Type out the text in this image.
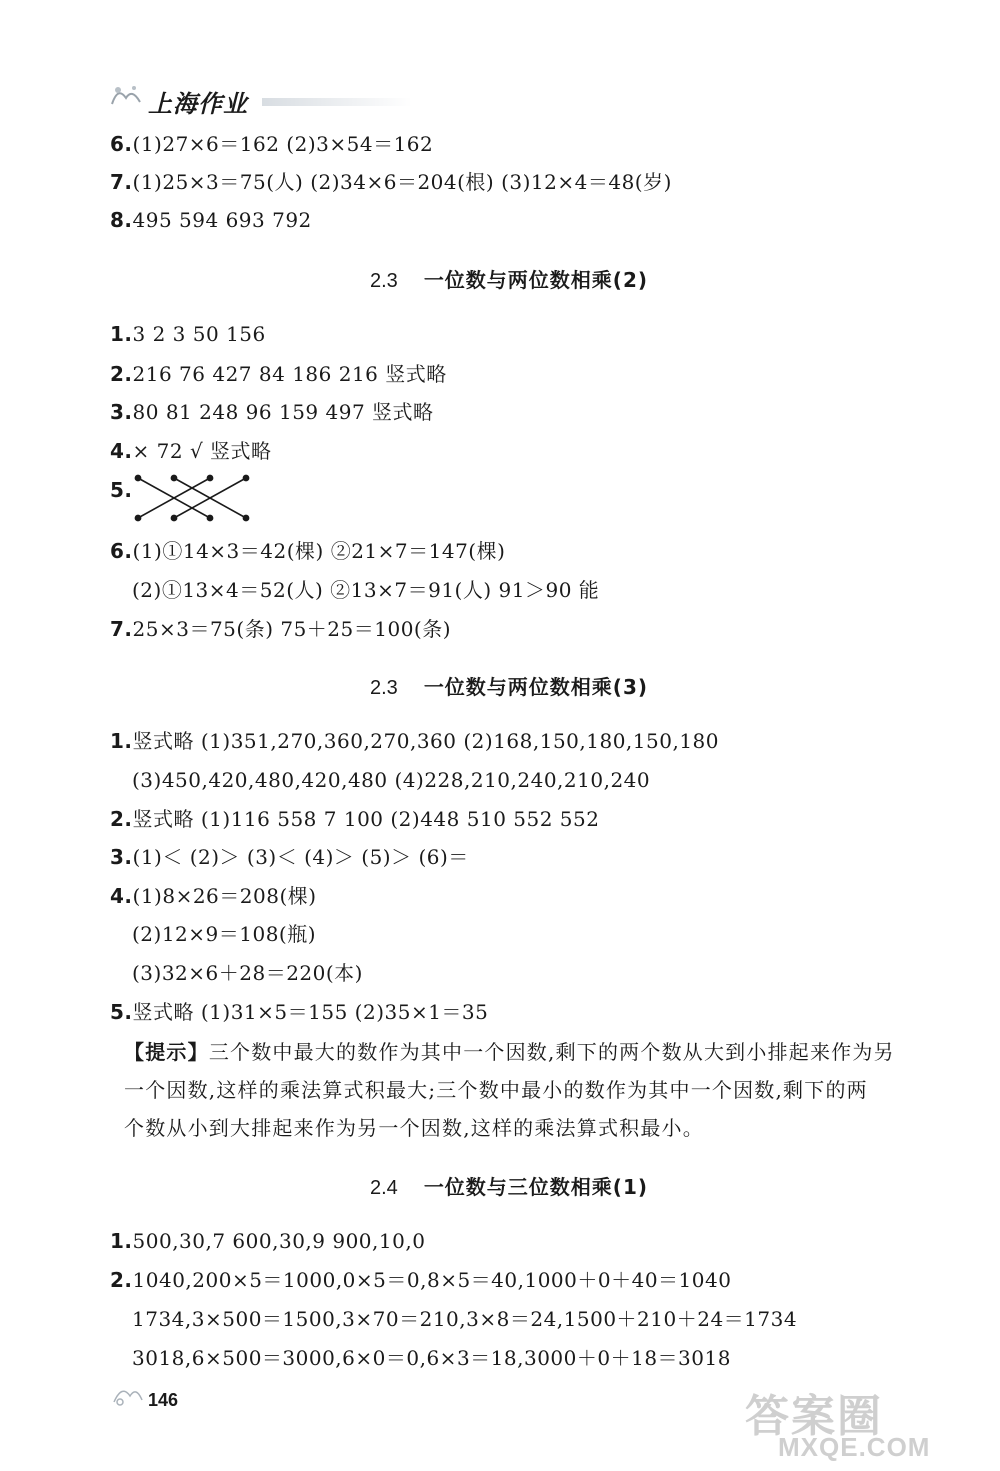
上海作业
6.(1)27×6＝162 (2)3×54＝162
7.(1)25×3＝75(人) (2)34×6＝204(根) (3)12×4＝48(岁)
8.495 594 693 792
2.3 一位数与两位数相乘(2)
1.3 2 3 50 156
2.216 76 427 84 186 216 竖式略
3.80 81 248 96 159 497 竖式略
4.× 72 √ 竖式略
5.
6.(1)①14×3＝42(棵) ②21×7＝147(棵)
(2)①13×4＝52(人) ②13×7＝91(人) 91＞90 能
7.25×3＝75(条) 75＋25＝100(条)
2.3 一位数与两位数相乘(3)
1.竖式略 (1)351,270,360,270,360 (2)168,150,180,150,180
(3)450,420,480,420,480 (4)228,210,240,210,240
2.竖式略 (1)116 558 7 100 (2)448 510 552 552
3.(1)＜ (2)＞ (3)＜ (4)＞ (5)＞ (6)＝
4.(1)8×26＝208(棵)
(2)12×9＝108(瓶)
(3)32×6＋28＝220(本)
5.竖式略 (1)31×5＝155 (2)35×1＝35
【提示】三个数中最大的数作为其中一个因数,剩下的两个数从大到小排起来作为另
一个因数,这样的乘法算式积最大;三个数中最小的数作为其中一个因数,剩下的两
个数从小到大排起来作为另一个因数,这样的乘法算式积最小。
2.4 一位数与三位数相乘(1)
1.500,30,7 600,30,9 900,10,0
2.1040,200×5＝1000,0×5＝0,8×5＝40,1000＋0＋40＝1040
1734,3×500＝1500,3×70＝210,3×8＝24,1500＋210＋24＝1734
3018,6×500＝3000,6×0＝0,6×3＝18,3000＋0＋18＝3018
146	答案圈
MXQE.COM
